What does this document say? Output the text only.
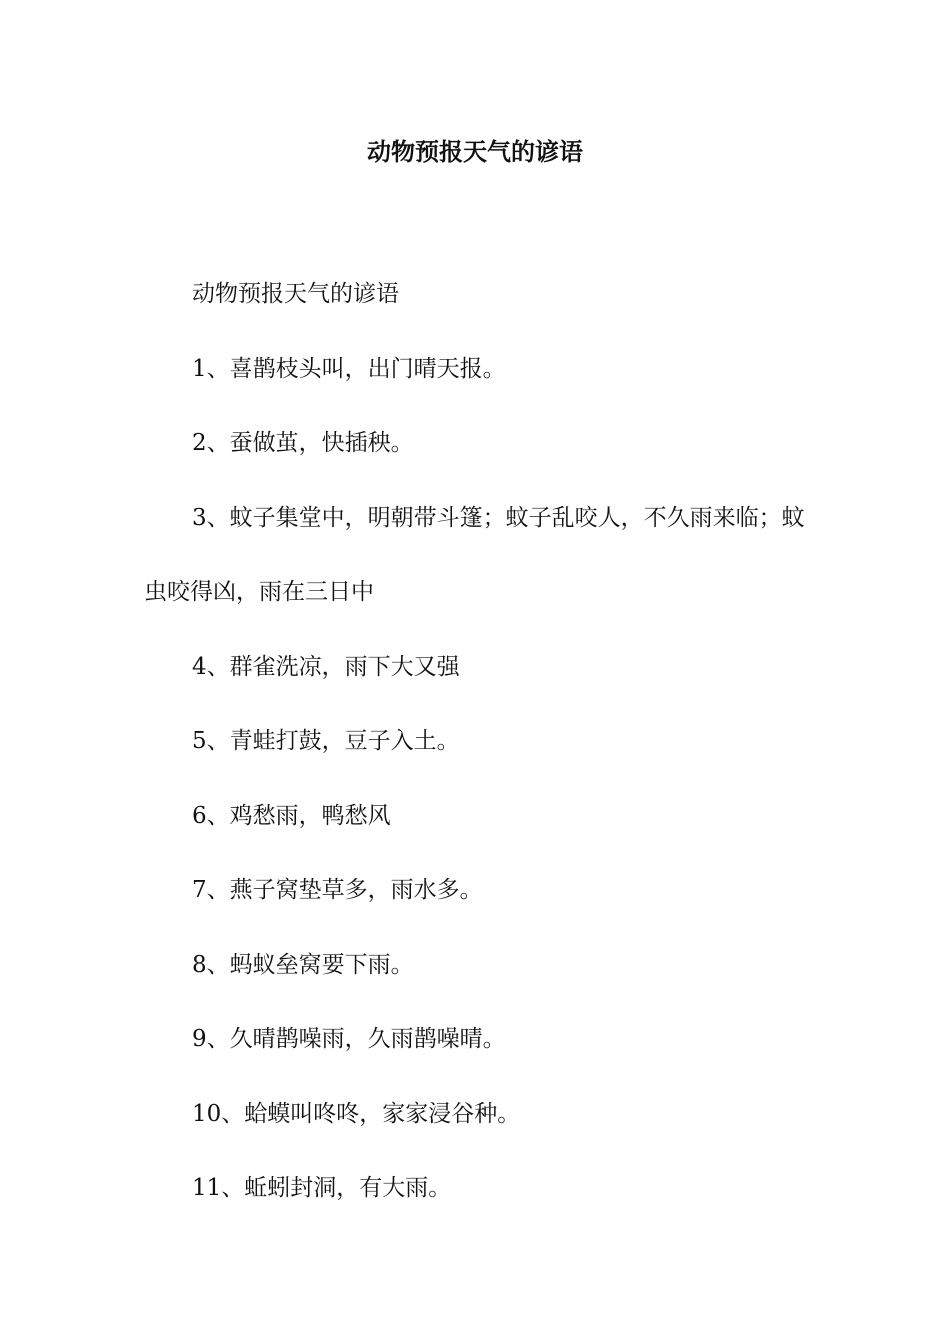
动物预报天气的谚语

动物预报天气的谚语

1、喜鹊枝头叫，出门晴天报。

2、蚕做茧，快插秧。

3、蚊子集堂中，明朝带斗篷；蚊子乱咬人，不久雨来临；蚊虫咬得凶，雨在三日中

4、群雀洗凉，雨下大又强

5、青蛙打鼓，豆子入土。

6、鸡愁雨，鸭愁风

7、燕子窝垫草多，雨水多。

8、蚂蚁垒窝要下雨。

9、久晴鹊噪雨，久雨鹊噪晴。

10、蛤蟆叫咚咚，家家浸谷种。

11、蚯蚓封洞，有大雨。
